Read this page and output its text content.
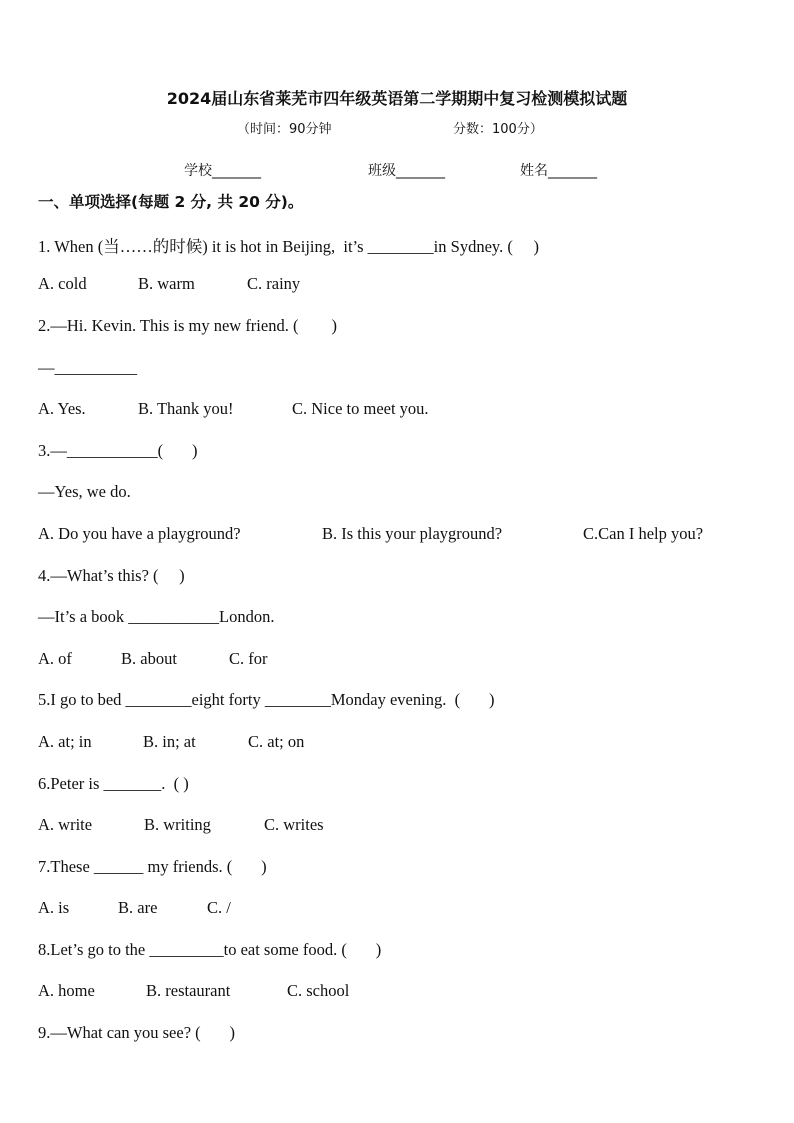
2024届山东省莱芜市四年级英语第二学期期中复习检测模拟试题
（时间：90分钟	分数：100分）
学校_______	班级_______	姓名_______
一、单项选择(每题 2 分, 共 20 分)。
1. When (当……的时候) it is hot in Beijing,  it’s ________in Sydney. (     )
A. cold	B. warm	C. rainy
2.—Hi. Kevin. This is my new friend. (        )
—__________
A. Yes.	B. Thank you!	C. Nice to meet you.
3.—___________(       )
—Yes, we do.
A. Do you have a playground?	B. Is this your playground?	C.Can I help you?
4.—What’s this? (     )
—It’s a book ___________London.
A. of	B. about	C. for
5.I go to bed ________eight forty ________Monday evening.  (       )
A. at; in	B. in; at	C. at; on
6.Peter is _______.  ( )
A. write	B. writing	C. writes
7.These ______ my friends. (       )
A. is	B. are	C. /
8.Let’s go to the _________to eat some food. (       )
A. home	B. restaurant	C. school
9.—What can you see? (       )
